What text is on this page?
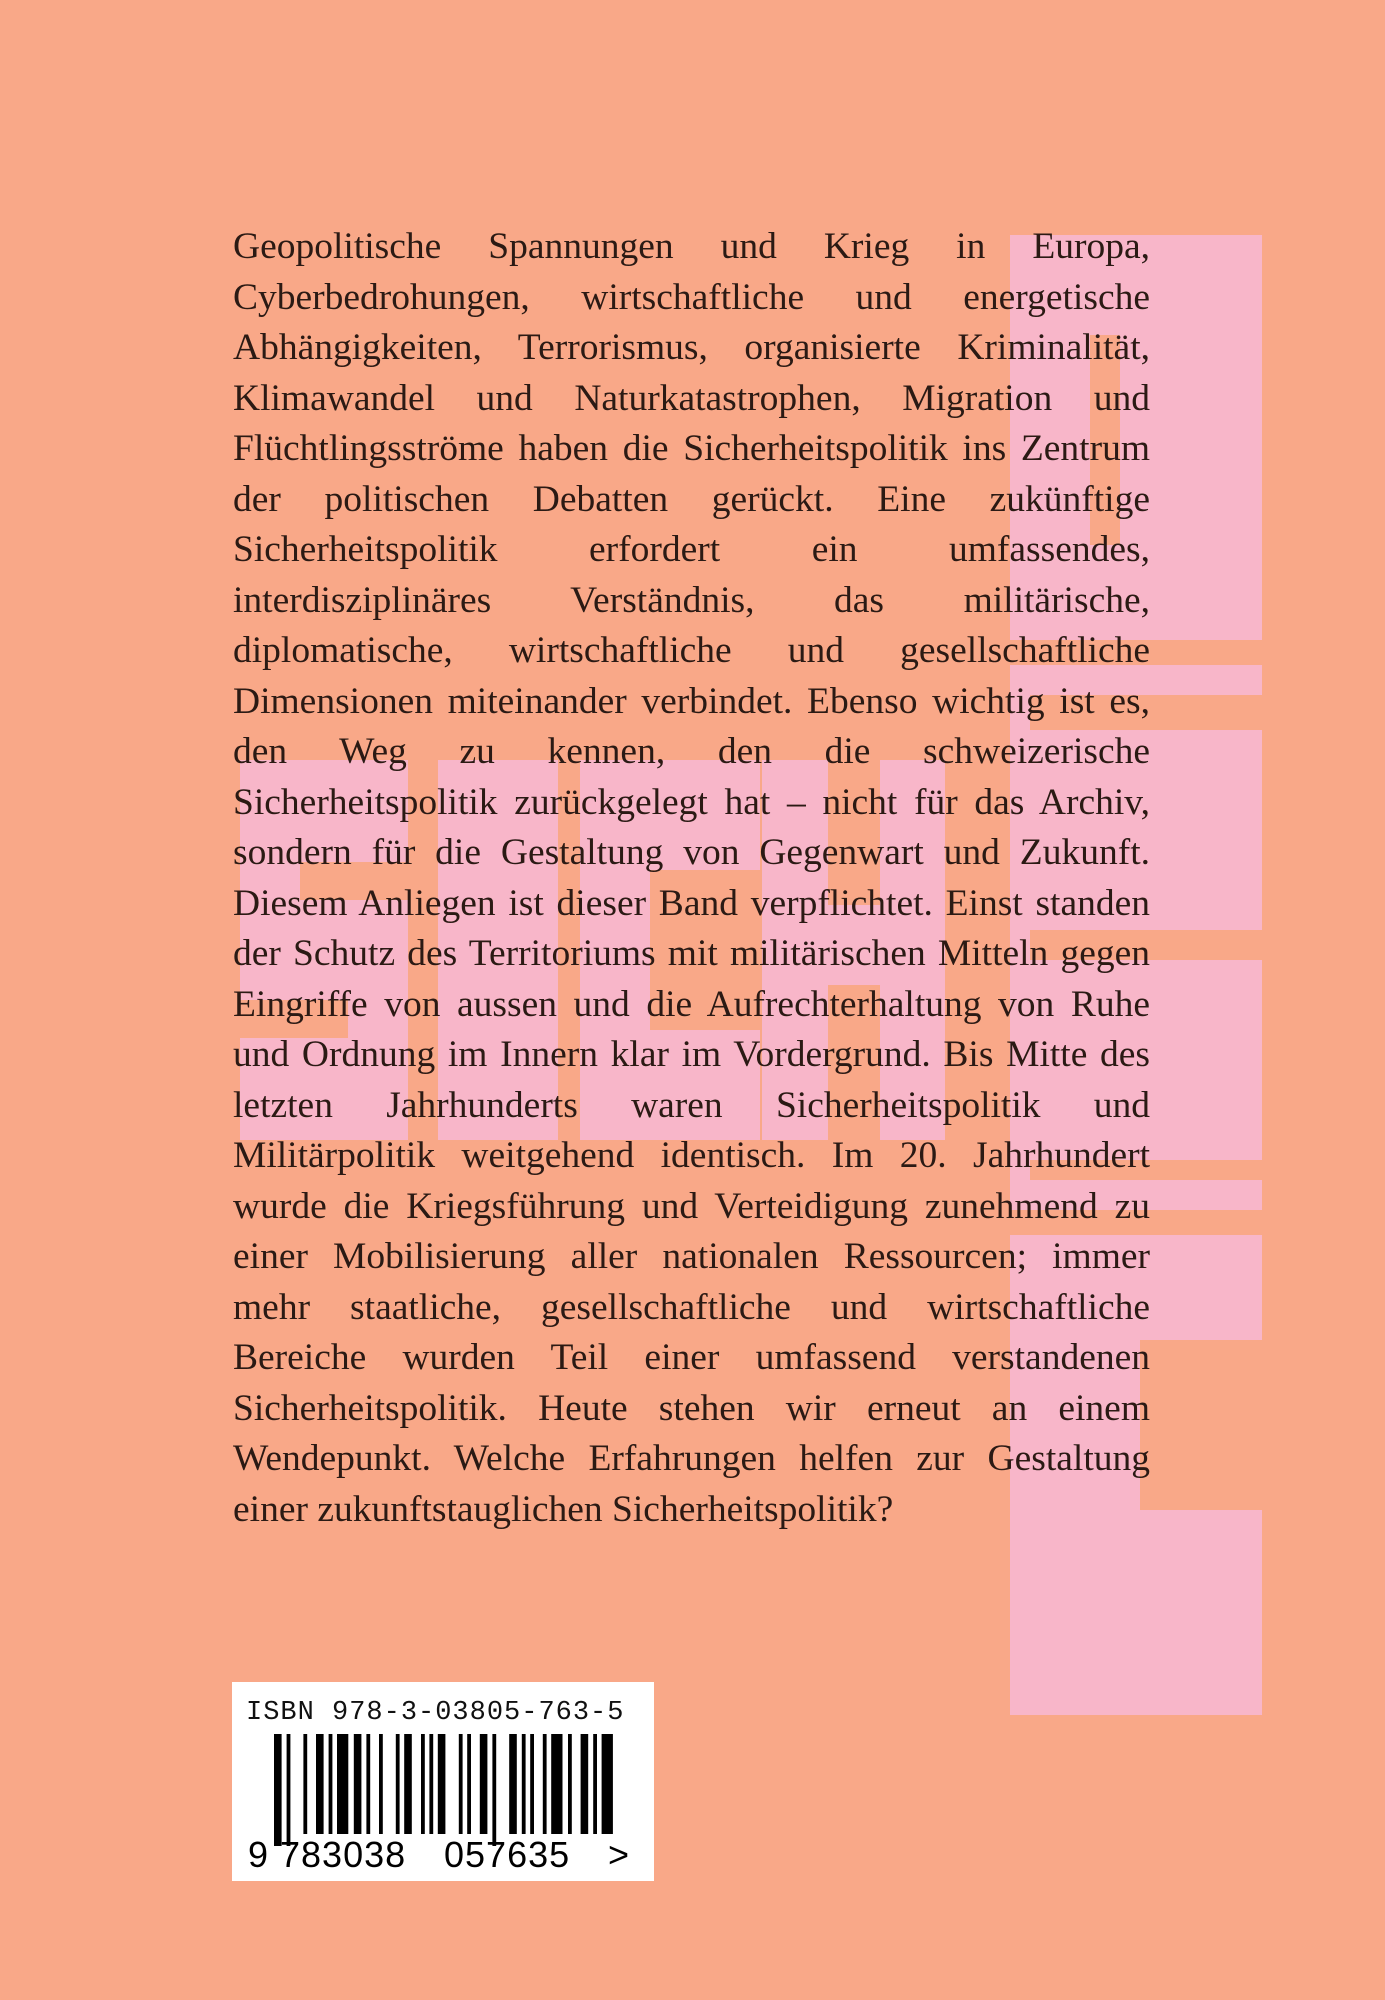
Geopolitische Spannungen und Krieg in Europa, Cyberbedrohungen, wirtschaftliche und energetische Abhängigkeiten, Terrorismus, organisierte Kriminalität, Klimawandel und Naturkatastrophen, Migration und Flüchtlingsströme haben die Sicherheitspolitik ins Zentrum der politischen Debatten gerückt. Eine zukünftige Sicherheitspolitik erfordert ein umfassendes, interdisziplinäres Verständnis, das militärische, diplomatische, wirtschaftliche und gesellschaftliche Dimensionen miteinander verbindet. Ebenso wichtig ist es, den Weg zu kennen, den die schweizerische Sicherheitspolitik zurückgelegt hat – nicht für das Archiv, sondern für die Gestaltung von Gegenwart und Zukunft. Diesem Anliegen ist dieser Band verpflichtet. Einst standen der Schutz des Territoriums mit militärischen Mitteln gegen Eingriffe von aussen und die Aufrechterhaltung von Ruhe und Ordnung im Innern klar im Vordergrund. Bis Mitte des letzten Jahrhunderts waren Sicherheitspolitik und Militärpolitik weitgehend identisch. Im 20. Jahrhundert wurde die Kriegsführung und Verteidigung zunehmend zu einer Mobilisierung aller nationalen Ressourcen; immer mehr staatliche, gesellschaftliche und wirtschaftliche Bereiche wurden Teil einer umfassend verstandenen Sicherheitspolitik. Heute stehen wir erneut an einem Wendepunkt. Welche Erfahrungen helfen zur Gestaltung einer zukunftstauglichen Sicherheitspolitik?

ISBN 978-3-03805-763-5
9 783038 057635 >
